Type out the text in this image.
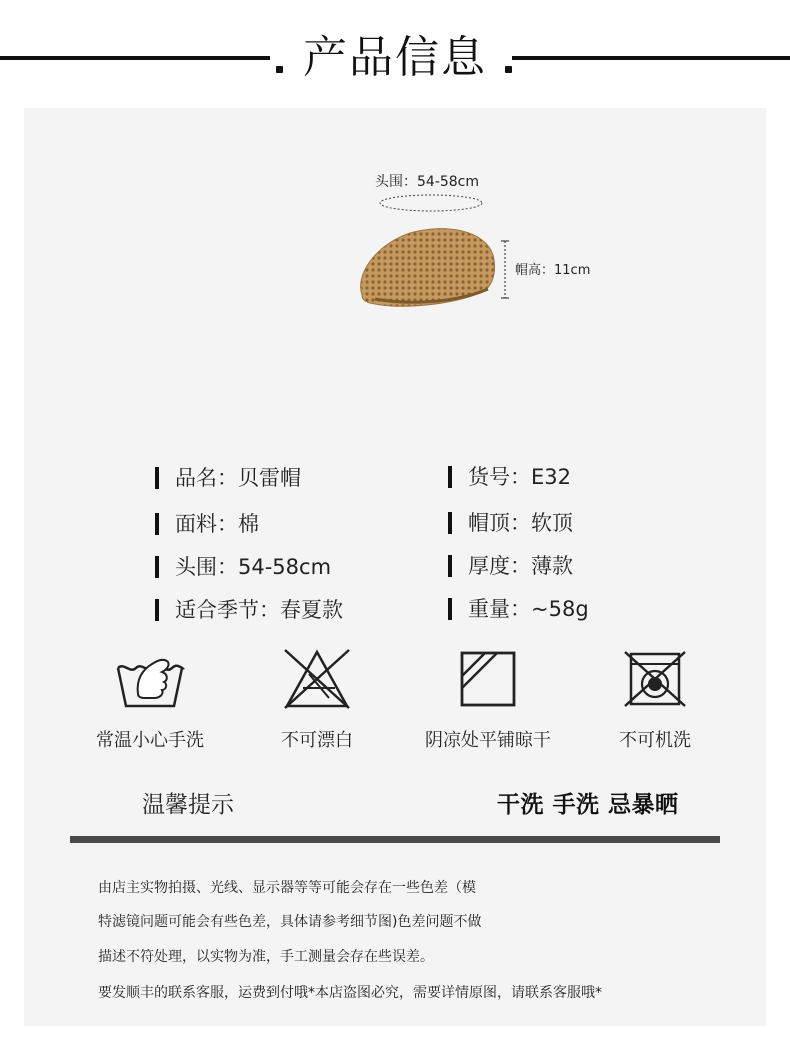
产品信息
头围：54-58cm
帽高：11cm
品名：贝雷帽	货号：E32
面料：棉	帽顶：软顶
头围：54-58cm	厚度：薄款
适合季节：春夏款	重量：~58g
常温小心手洗	不可漂白	阴凉处平铺晾干	不可机洗
温馨提示	干洗 手洗 忌暴晒
由店主实物拍摄、光线、显示器等等可能会存在一些色差（模
特滤镜问题可能会有些色差，具体请参考细节图)色差问题不做
描述不符处理，以实物为准，手工测量会存在些误差。
要发顺丰的联系客服，运费到付哦*本店盗图必究，需要详情原图，请联系客服哦*
